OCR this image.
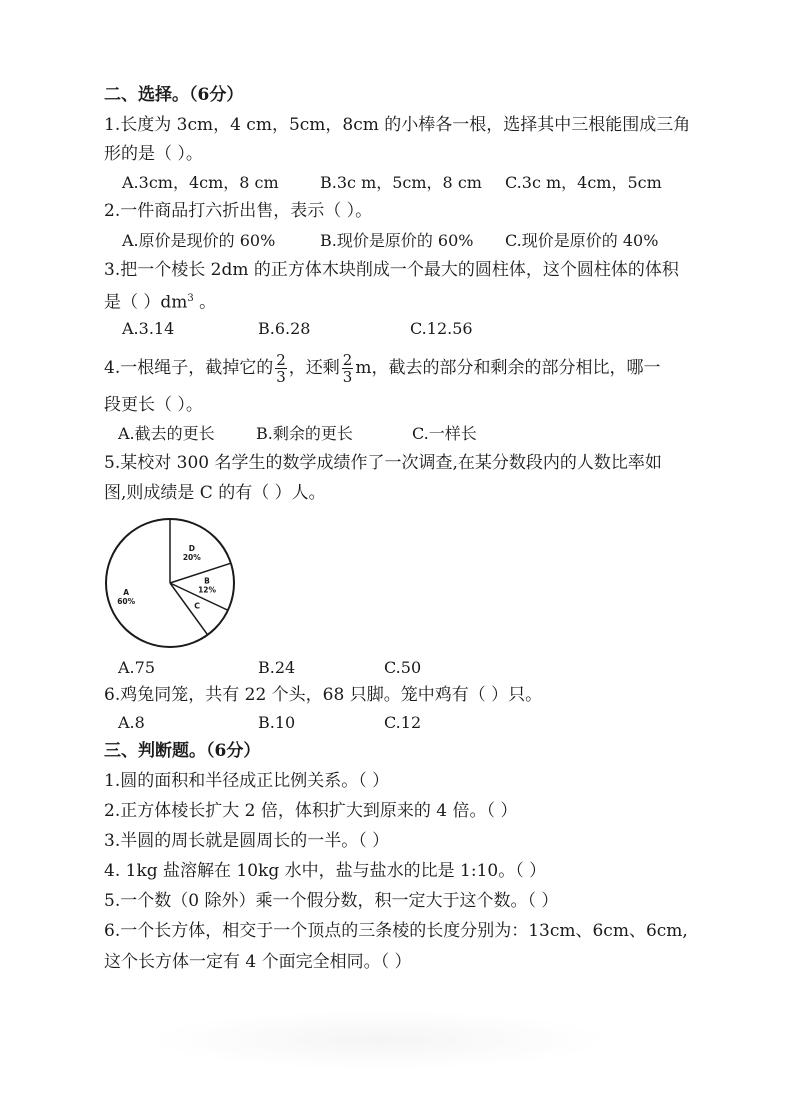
二、选择。（6分）
1.长度为 3cm，4 cm，5cm，8cm 的小棒各一根，选择其中三根能围成三角
形的是（ ）。
A.3cm，4cm，8 cm	B.3c m，5cm，8 cm C.3c m，4cm，5cm
2.一件商品打六折出售，表示（ ）。
A.原价是现价的 60%	B.现价是原价的 60% C.现价是原价的 40%
3.把一个棱长 2dm 的正方体木块削成一个最大的圆柱体，这个圆柱体的体积
是（ ）$dm^3$ 。
A.3.14	B.6.28	C.12.56
4.一根绳子，截掉它的 $\frac{2}{3}$ ，还剩 $\frac{2}{3}$ m，截去的部分和剩余的部分相比，哪一
段更长（ ）。
A.截去的更长	B.剩余的更长	C.一样长
5.某校对 300 名学生的数学成绩作了一次调查,在某分数段内的人数比率如
图,则成绩是 C 的有（ ）人。
D
20%
B
12%
C
A
60%
A.75	B.24	C.50
6.鸡兔同笼，共有 22 个头，68 只脚。笼中鸡有（ ）只。
A.8	B.10	C.12
三、判断题。（6分）
1.圆的面积和半径成正比例关系。（ ）
2.正方体棱长扩大 2 倍，体积扩大到原来的 4 倍。（ ）
3.半圆的周长就是圆周长的一半。（ ）
4. 1kg 盐溶解在 10kg 水中，盐与盐水的比是 1:10。（ ）
5.一个数（0 除外）乘一个假分数，积一定大于这个数。（ ）
6.一个长方体，相交于一个顶点的三条棱的长度分别为：13cm、6cm、6cm,
这个长方体一定有 4 个面完全相同。（ ）
